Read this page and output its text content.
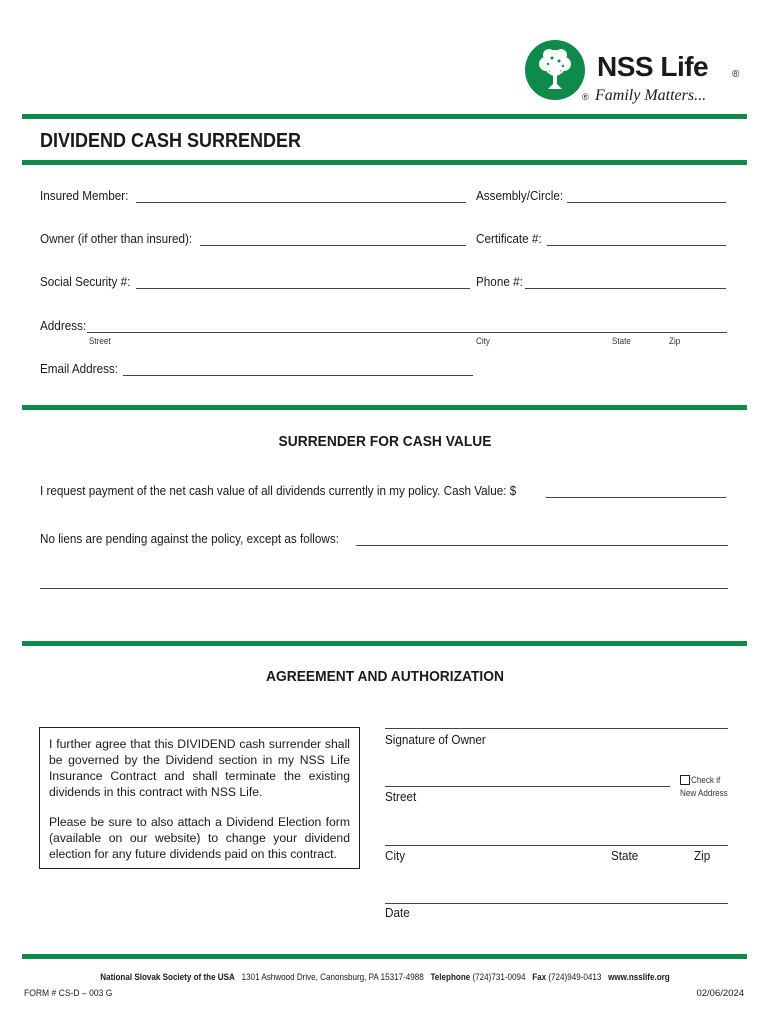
NSS Life ®
® Family Matters...
DIVIDEND CASH SURRENDER
Insured Member:	Assembly/Circle:
Owner (if other than insured):	Certificate #:
Social Security #:	Phone #:
Address:
Street	City	State	Zip
Email Address:
SURRENDER FOR CASH VALUE
I request payment of the net cash value of all dividends currently in my policy. Cash Value: $
No liens are pending against the policy, except as follows:
AGREEMENT AND AUTHORIZATION

I further agree that this DIVIDEND cash surrender shall be governed by the Dividend section in my NSS Life Insurance Contract and shall terminate the existing dividends in this contract with NSS Life.

Please be sure to also attach a Dividend Election form (available on our website) to change your dividend election for any future dividends paid on this contract.

Signature of Owner
Street
Check if
New Address
City	State	Zip
Date
National Slovak Society of the USA 1301 Ashwood Drive, Canonsburg, PA 15317-4988 Telephone (724)731-0094 Fax (724)949-0413 www.nsslife.org
FORM # CS-D – 003 G	02/06/2024
